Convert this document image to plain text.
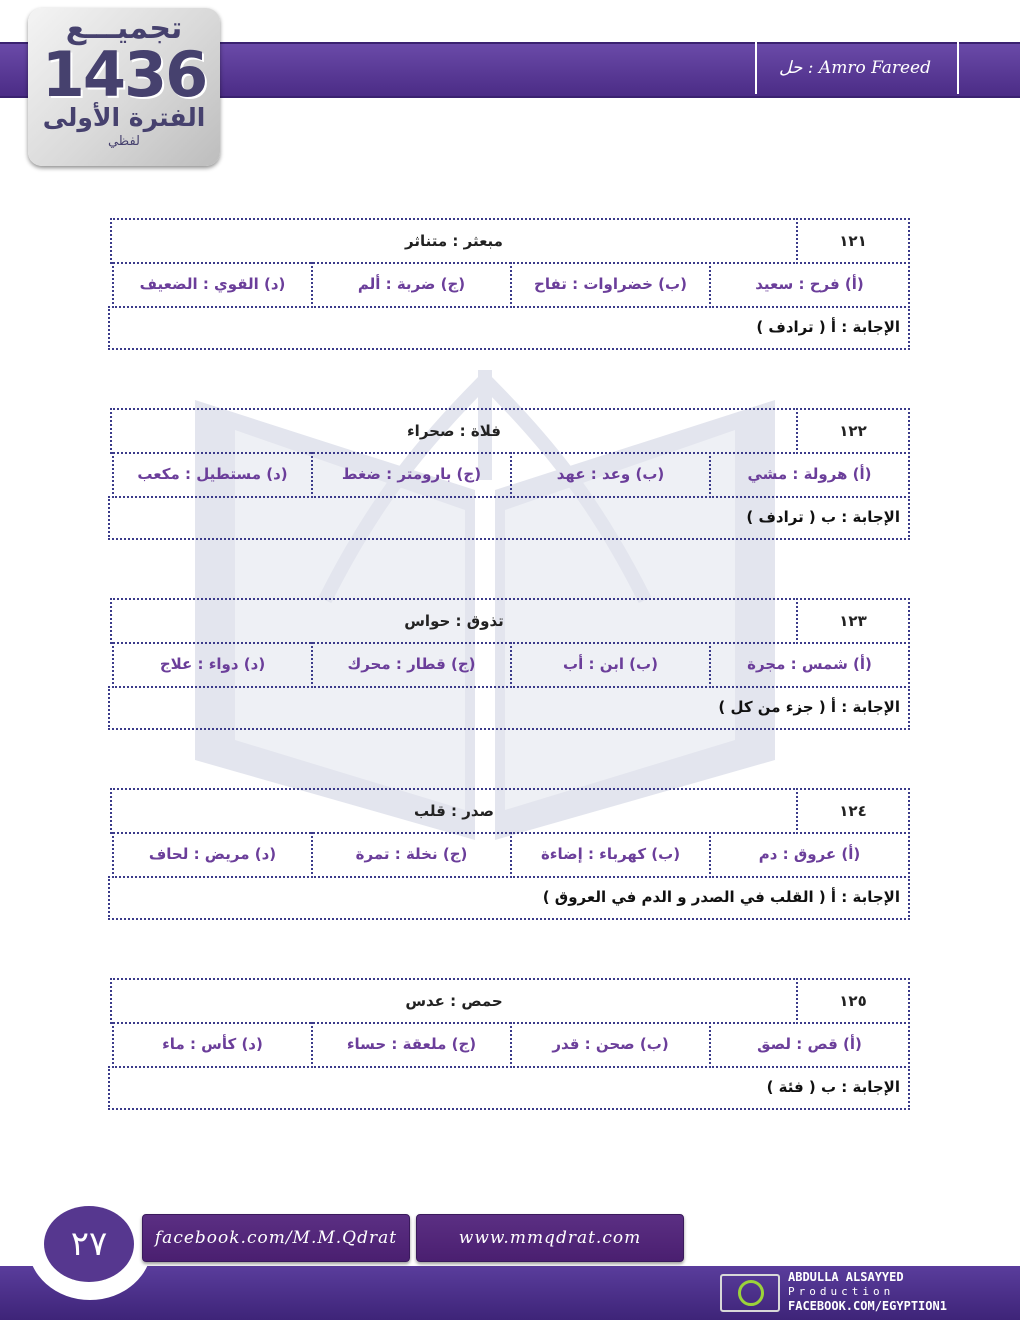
حل : Amro Fareed
تجميـــع
1436
الفترة الأولى
لفظي
١٢١
مبعثر : متناثر
(أ) فرح : سعيد
(ب) خضراوات : تفاح
(ج) ضربة : ألم
(د) القوي : الضعيف
الإجابة : أ ( ترادف )
١٢٢
فلاة : صحراء
(أ) هرولة : مشي
(ب) وعد : عهد
(ج) بارومتر : ضغط
(د) مستطيل : مكعب
الإجابة : ب ( ترادف )
١٢٣
تذوق : حواس
(أ) شمس : مجرة
(ب) ابن : أب
(ج) قطار : محرك
(د) دواء : علاج
الإجابة : أ ( جزء من كل )
١٢٤
صدر : قلب
(أ) عروق : دم
(ب) كهرباء : إضاءة
(ج) نخلة : تمرة
(د) مريض : لحاف
الإجابة : أ ( القلب في الصدر و الدم في العروق )
١٢٥
حمص : عدس
(أ) قص : لصق
(ب) صحن : قدر
(ج) ملعقة : حساء
(د) كأس : ماء
الإجابة : ب ( فئة )
٢٧	facebook.com/M.M.Qdrat	www.mmqdrat.com
ABDULLA ALSAYYED
Production
FACEBOOK.COM/EGYPTION1
